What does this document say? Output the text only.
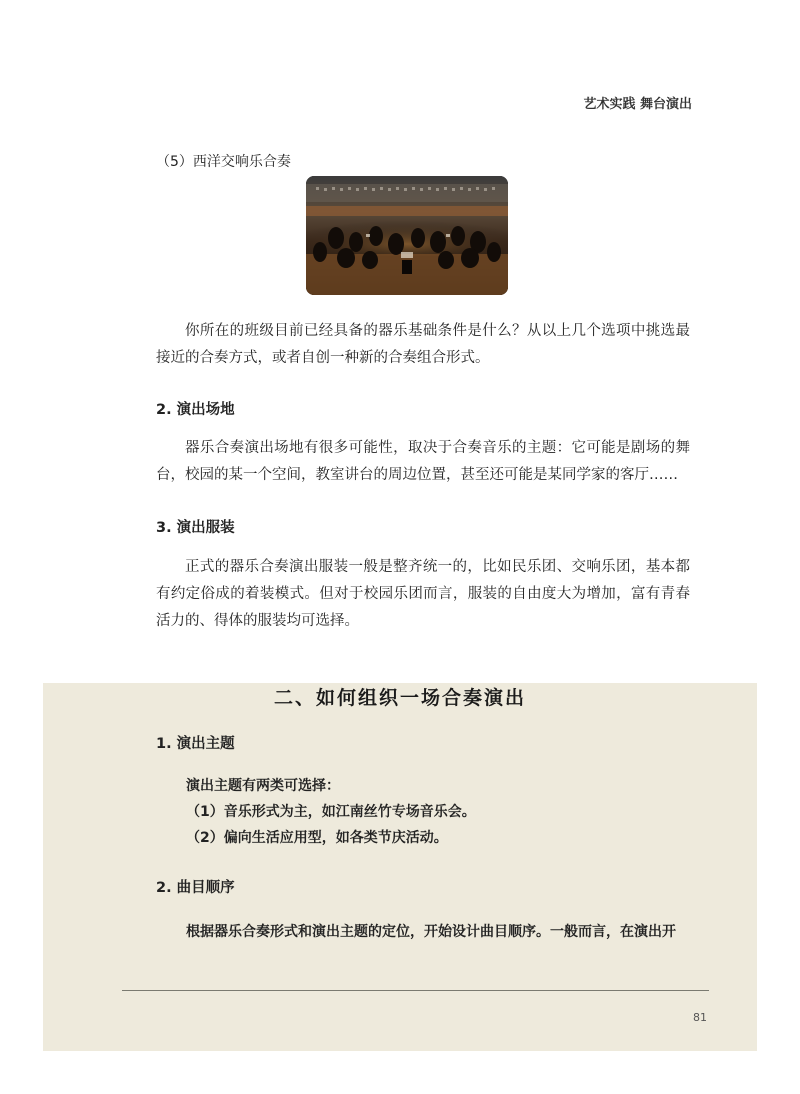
艺术实践 舞台演出
（5）西洋交响乐合奏

你所在的班级目前已经具备的器乐基础条件是什么？从以上几个选项中挑选最接近的合奏方式，或者自创一种新的合奏组合形式。

2. 演出场地

器乐合奏演出场地有很多可能性，取决于合奏音乐的主题：它可能是剧场的舞台，校园的某一个空间，教室讲台的周边位置，甚至还可能是某同学家的客厅……

3. 演出服装

正式的器乐合奏演出服装一般是整齐统一的，比如民乐团、交响乐团，基本都有约定俗成的着装模式。但对于校园乐团而言，服装的自由度大为增加，富有青春活力的、得体的服装均可选择。

二、如何组织一场合奏演出
1. 演出主题
演出主题有两类可选择：
（1）音乐形式为主，如江南丝竹专场音乐会。
（2）偏向生活应用型，如各类节庆活动。
2. 曲目顺序
根据器乐合奏形式和演出主题的定位，开始设计曲目顺序。一般而言，在演出开
81
